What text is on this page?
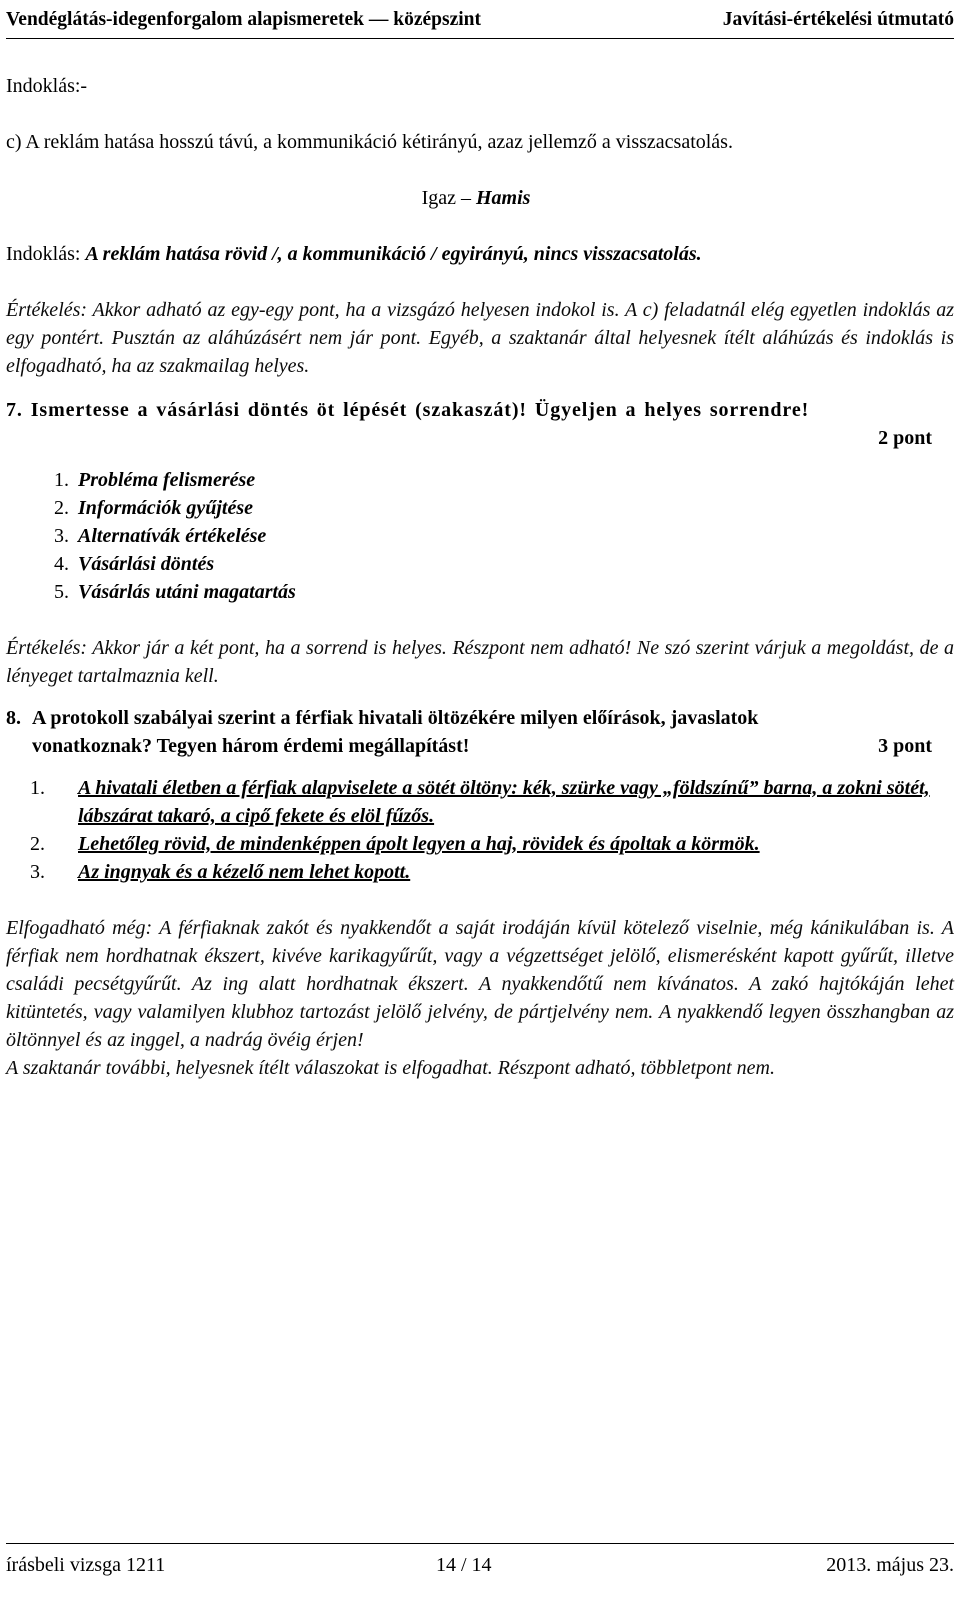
Vendéglátás-idegenforgalom alapismeretek — középszint	Javítási-értékelési útmutató

Indoklás:-

c) A reklám hatása hosszú távú, a kommunikáció kétirányú, azaz jellemző a visszacsatolás.

Igaz – Hamis

Indoklás: A reklám hatása rövid /, a kommunikáció / egyirányú, nincs visszacsatolás.

Értékelés: Akkor adható az egy-egy pont, ha a vizsgázó helyesen indokol is. A c) feladatnál elég egyetlen indoklás az egy pontért. Pusztán az aláhúzásért nem jár pont. Egyéb, a szaktanár által helyesnek ítélt aláhúzás és indoklás is elfogadható, ha az szakmailag helyes.

7. Ismertesse a vásárlási döntés öt lépését (szakaszát)! Ügyeljen a helyes sorrendre!

2 pont

1. Probléma felismerése
2. Információk gyűjtése
3. Alternatívák értékelése
4. Vásárlási döntés
5. Vásárlás utáni magatartás

Értékelés: Akkor jár a két pont, ha a sorrend is helyes. Részpont nem adható! Ne szó szerint várjuk a megoldást, de a lényeget tartalmaznia kell.

8. A protokoll szabályai szerint a férfiak hivatali öltözékére milyen előírások, javaslatok
vonatkoznak? Tegyen három érdemi megállapítást!	3 pont
1. A hivatali életben a férfiak alapviselete a sötét öltöny: kék, szürke vagy „földszínű” barna, a zokni sötét, lábszárat takaró, a cipő fekete és elöl fűzős.
2. Lehetőleg rövid, de mindenképpen ápolt legyen a haj, rövidek és ápoltak a körmök.
3. Az ingnyak és a kézelő nem lehet kopott.

Elfogadható még: A férfiaknak zakót és nyakkendőt a saját irodáján kívül kötelező viselnie, még kánikulában is. A férfiak nem hordhatnak ékszert, kivéve karikagyűrűt, vagy a végzettséget jelölő, elismerésként kapott gyűrűt, illetve családi pecsétgyűrűt. Az ing alatt hordhatnak ékszert. A nyakkendőtű nem kívánatos. A zakó hajtókáján lehet kitüntetés, vagy valamilyen klubhoz tartozást jelölő jelvény, de pártjelvény nem. A nyakkendő legyen összhangban az öltönnyel és az inggel, a nadrág övéig érjen!

A szaktanár további, helyesnek ítélt válaszokat is elfogadhat. Részpont adható, többletpont nem.

írásbeli vizsga 1211	14 / 14	2013. május 23.
